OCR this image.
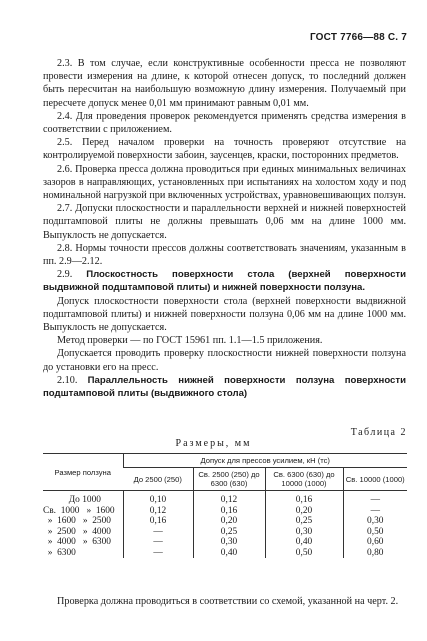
ГОСТ 7766—88 С. 7

2.3. В том случае, если конструктивные особенности пресса не позволяют провести измерения на длине, к которой отнесен допуск, то последний должен быть пересчитан на наибольшую возможную длину измерения. Получаемый при пересчете допуск менее 0,01 мм принимают равным 0,01 мм.

2.4. Для проведения проверок рекомендуется применять средства измерения в соответствии с приложением.

2.5. Перед началом проверки на точность проверяют отсутствие на контролируемой поверхности забоин, заусенцев, краски, посторонних предметов.

2.6. Проверка пресса должна проводиться при единых минимальных величинах зазоров в направляющих, установленных при испытаниях на холостом ходу и под номинальной нагрузкой при включенных устройствах, уравновешивающих ползун.

2.7. Допуски плоскостности и параллельности верхней и нижней поверхностей подштамповой плиты не должны превышать 0,06 мм на длине 1000 мм. Выпуклость не допускается.

2.8. Нормы точности прессов должны соответствовать значениям, указанным в пп. 2.9—2.12.

2.9. Плоскостность поверхности стола (верхней поверхности выдвижной подштамповой плиты) и нижней поверхности ползуна.

Допуск плоскостности поверхности стола (верхней поверхности выдвижной подштамповой плиты) и нижней поверхности ползуна 0,06 мм на длине 1000 мм. Выпуклость не допускается.

Метод проверки — по ГОСТ 15961 пп. 1.1—1.5 приложения.

Допускается проводить проверку плоскостности нижней поверхности ползуна до установки его на пресс.

2.10. Параллельность нижней поверхности ползуна поверхности подштамповой плиты (выдвижного стола)

Таблица 2
Размеры, мм
Размер ползуна	Допуск для прессов усилием, кН (тс)			
	До 2500 (250)	Св. 2500 (250) до 6300 (630)	Св. 6300 (630) до 10000 (1000)	Св. 10000 (1000)
До 1000	0,10	0,12	0,16	—
Св.  1000   »  1600	0,12	0,16	0,20	—
»  1600   »  2500	0,16	0,20	0,25	0,30
»  2500   »  4000	—	0,25	0,30	0,50
»  4000   »  6300	—	0,30	0,40	0,60
»  6300	—	0,40	0,50	0,80

Проверка должна проводиться в соответствии со схемой, указанной на черт. 2.
